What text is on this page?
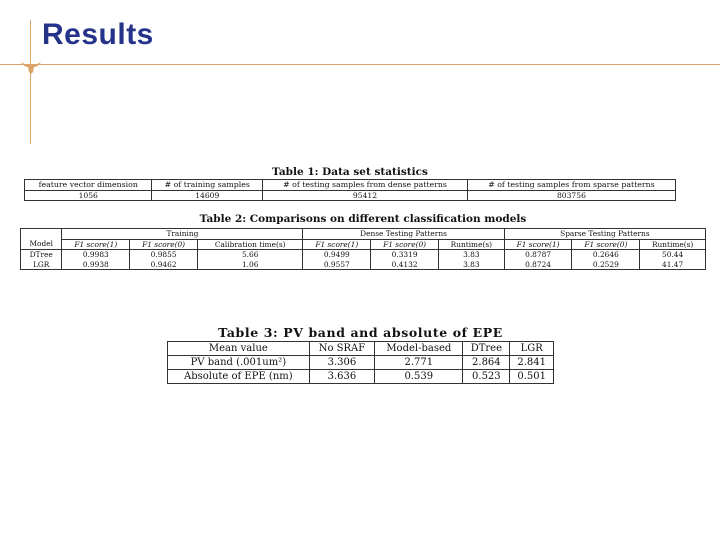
Results
Table 1: Data set statistics
feature vector dimension	# of training samples	# of testing samples from dense patterns	# of testing samples from sparse patterns
1056	14609	95412	803756
Table 2: Comparisons on different classification models
	Training			Dense Testing Patterns			Sparse Testing Patterns		
Model	F1 score(1)	F1 score(0)	Calibration time(s)	F1 score(1)	F1 score(0)	Runtime(s)	F1 score(1)	F1 score(0)	Runtime(s)
DTree	0.9983	0.9855	5.66	0.9499	0.3319	3.83	0.8787	0.2646	50.44
LGR	0.9938	0.9462	1.06	0.9557	0.4132	3.83	0.8724	0.2529	41.47
Table 3: PV band and absolute of EPE
Mean value	No SRAF	Model-based	DTree	LGR
PV band (.001um²)	3.306	2.771	2.864	2.841
Absolute of EPE (nm)	3.636	0.539	0.523	0.501
